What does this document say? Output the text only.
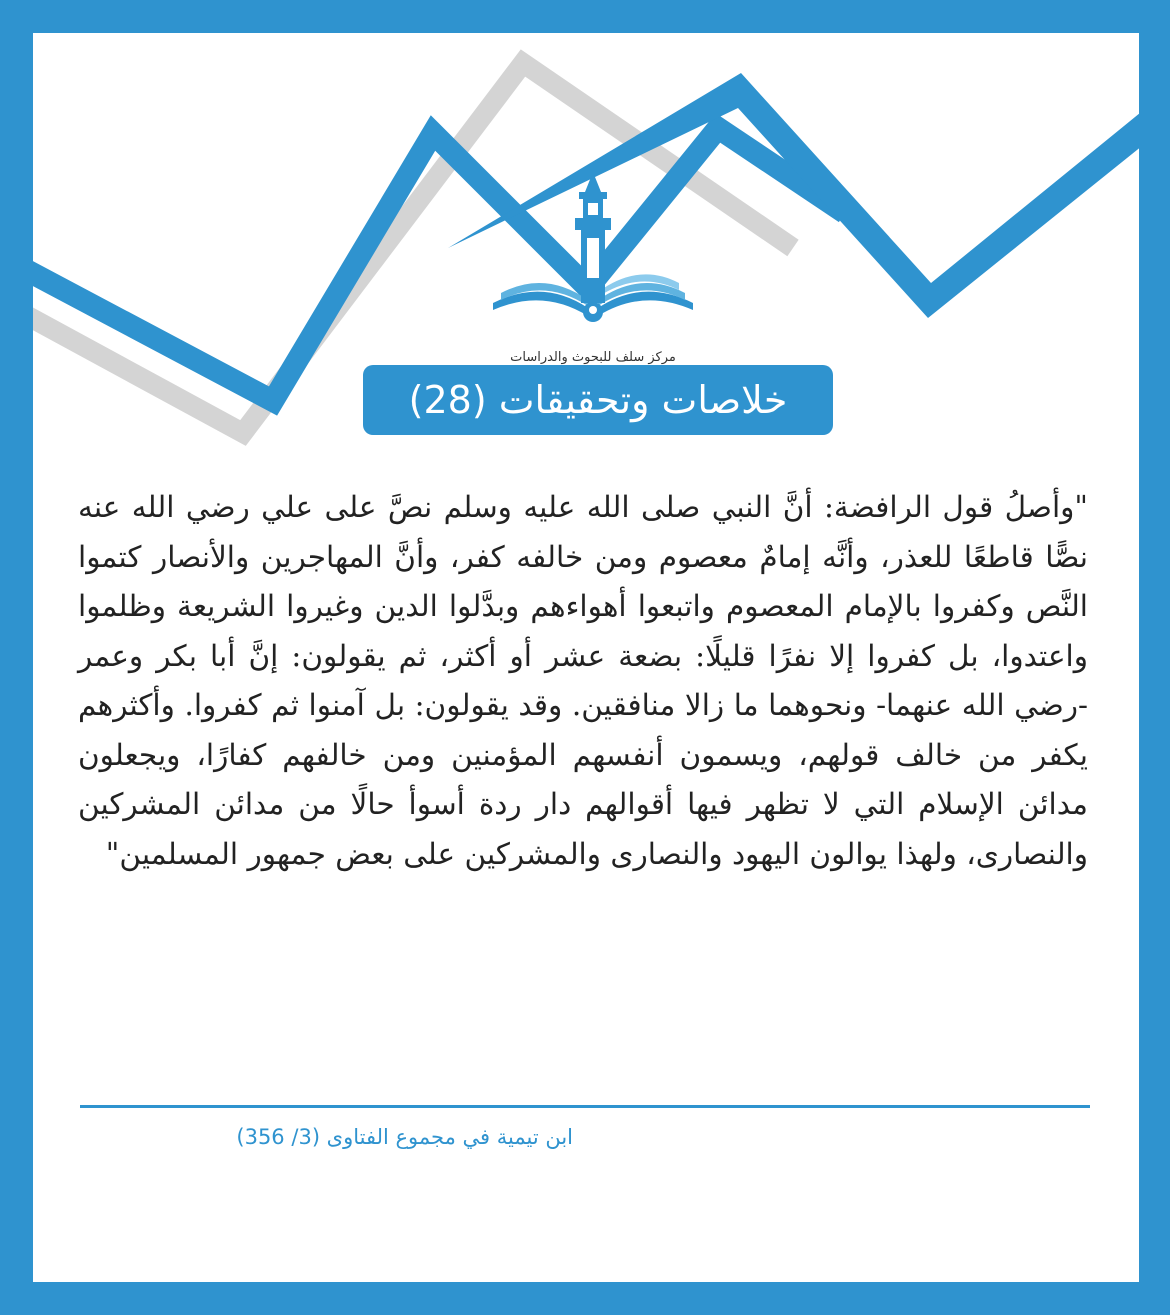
مركز سلف للبحوث والدراسات
خلاصات وتحقيقات (28)
"وأصلُ قول الرافضة: أنَّ النبي صلى الله عليه وسلم نصَّ على علي رضي الله عنه نصًّا قاطعًا للعذر، وأنَّه إمامٌ معصوم ومن خالفه كفر، وأنَّ المهاجرين والأنصار كتموا النَّص وكفروا بالإمام المعصوم واتبعوا أهواءهم وبدَّلوا الدين وغيروا الشريعة وظلموا واعتدوا، بل كفروا إلا نفرًا قليلًا: بضعة عشر أو أكثر، ثم يقولون: إنَّ أبا بكر وعمر -رضي الله عنهما- ونحوهما ما زالا منافقين. وقد يقولون: بل آمنوا ثم كفروا. وأكثرهم يكفر من خالف قولهم، ويسمون أنفسهم المؤمنين ومن خالفهم كفارًا، ويجعلون مدائن الإسلام التي لا تظهر فيها أقوالهم دار ردة أسوأ حالًا من مدائن المشركين والنصارى، ولهذا يوالون اليهود والنصارى والمشركين على بعض جمهور المسلمين"
ابن تيمية في مجموع الفتاوى (3/ 356)
